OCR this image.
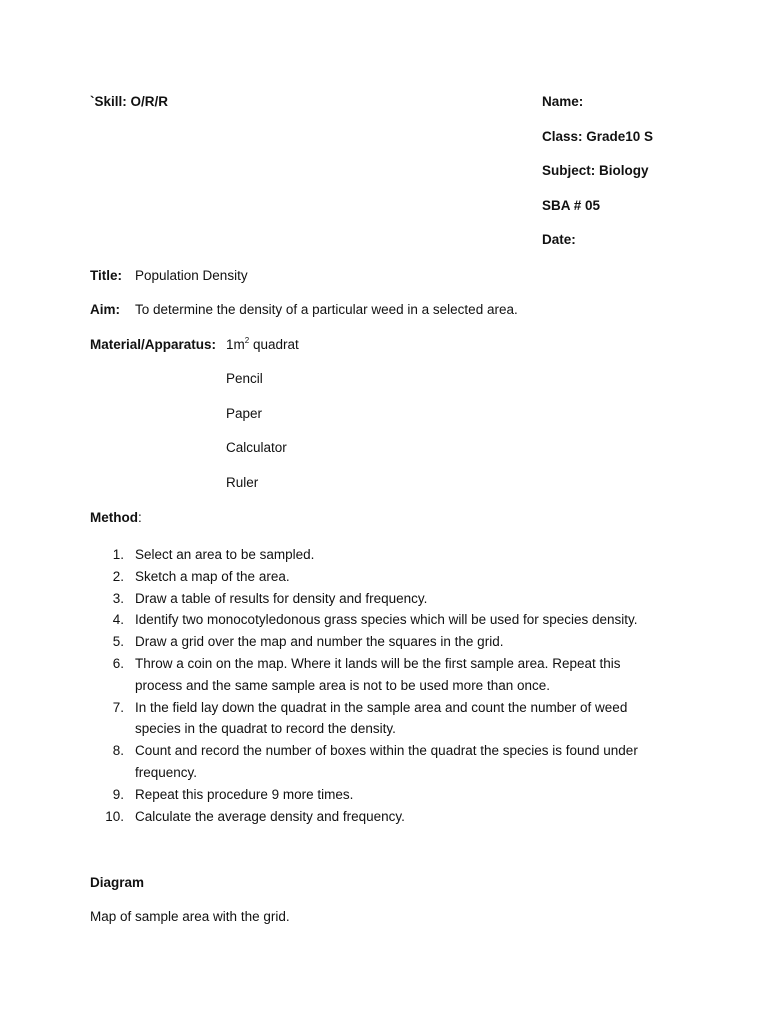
`Skill: O/R/R	Name:
Class: Grade10 S
Subject: Biology
SBA # 05
Date:
Title: Population Density
Aim: To determine the density of a particular weed in a selected area.
Material/Apparatus: $1m^2$ quadrat
Pencil
Paper
Calculator
Ruler
Method:
1. Select an area to be sampled.
2. Sketch a map of the area.
3. Draw a table of results for density and frequency.
4. Identify two monocotyledonous grass species which will be used for species density.
5. Draw a grid over the map and number the squares in the grid.
6. Throw a coin on the map. Where it lands will be the first sample area. Repeat this process and the same sample area is not to be used more than once.
7. In the field lay down the quadrat in the sample area and count the number of weed species in the quadrat to record the density.
8. Count and record the number of boxes within the quadrat the species is found under frequency.
9. Repeat this procedure 9 more times.
10. Calculate the average density and frequency.
Diagram
Map of sample area with the grid.
